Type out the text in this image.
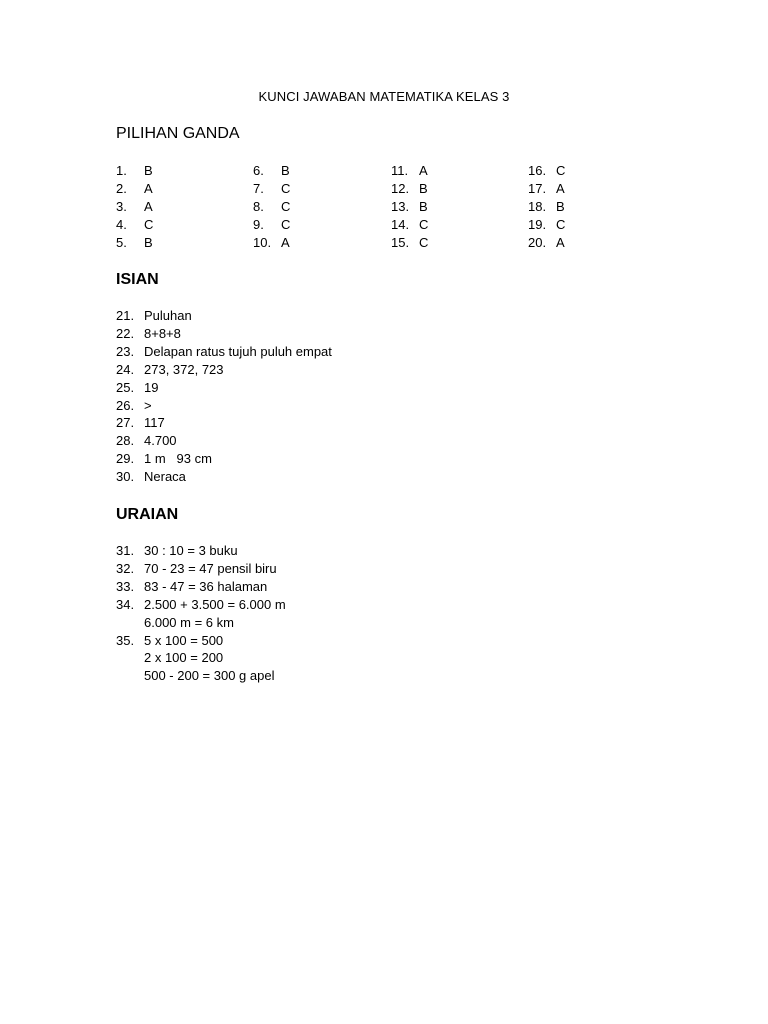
KUNCI JAWABAN MATEMATIKA KELAS 3
PILIHAN GANDA
1. B
2. A
3. A
4. C
5. B
6. B
7. C
8. C
9. C
10. A
11. A
12. B
13. B
14. C
15. C
16. C
17. A
18. B
19. C
20. A
ISIAN
21. Puluhan
22. 8+8+8
23. Delapan ratus tujuh puluh empat
24. 273, 372, 723
25. 19
26. >
27. 117
28. 4.700
29. 1 m   93 cm
30. Neraca
URAIAN
31. 30 : 10 = 3 buku
32. 70 - 23 = 47 pensil biru
33. 83 - 47 = 36 halaman
34. 2.500 + 3.500 = 6.000 m
6.000 m = 6 km
35. 5 x 100 = 500
2 x 100 = 200
500 - 200 = 300 g apel
